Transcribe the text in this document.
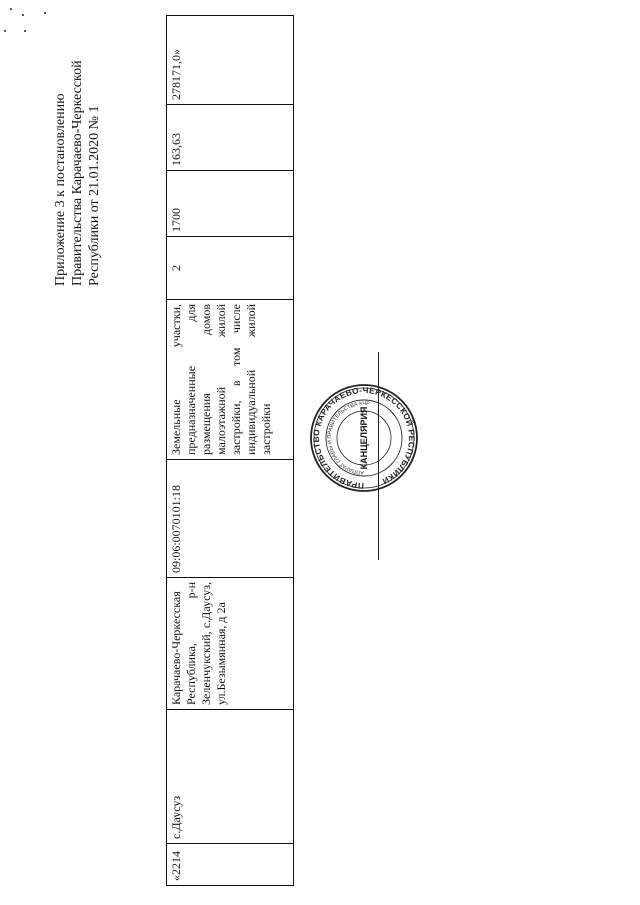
Приложение 3 к постановлению Правительства Карачаево-Черкесской Республики от 21.01.2020 № 1
«2214	с.Даусуз	Карачаево-Черкесская Республика, р-н Зеленчукский, с.Даусуз, ул.Безымянная, д 2а	09:06:0070101:18	Земельные участки, предназначенные для размещения домов малоэтажной жилой застройки, в том числе индивидуальной жилой застройки	2	1700	163,63	278171,0»
ПРАВИТЕЛЬСТВО КАРАЧАЕВО-ЧЕРКЕССКОЙ РЕСПУБЛИКИ
АППАРАТ ГЛАВЫ И ПРАВИТЕЛЬСТВА КЧР
КАНЦЕЛЯРИЯ
